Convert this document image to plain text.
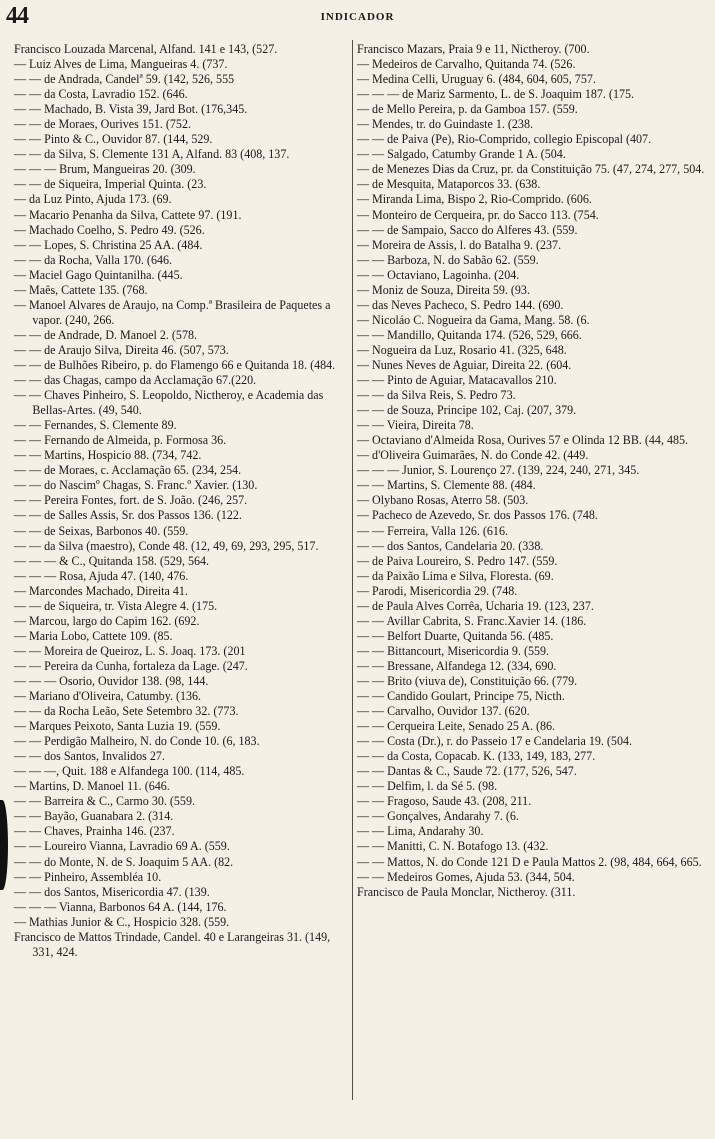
44	INDICADOR
Francisco Louzada Marcenal, Alfand. 141 e 143, (527.
— Luiz Alves de Lima, Mangueiras 4. (737.
— — de Andrada, Candelª 59. (142, 526, 555
— — da Costa, Lavradio 152. (646.
— — Machado, B. Vista 39, Jard Bot. (176,345.
— — de Moraes, Ourives 151. (752.
— — Pinto & C., Ouvidor 87. (144, 529.
— — da Silva, S. Clemente 131 A, Alfand. 83 (408, 137.
— — — Brum, Mangueiras 20. (309.
— — de Siqueira, Imperial Quinta. (23.
— da Luz Pinto, Ajuda 173. (69.
— Macario Penanha da Silva, Cattete 97. (191.
— Machado Coelho, S. Pedro 49. (526.
— — Lopes, S. Christina 25 AA. (484.
— — da Rocha, Valla 170. (646.
— Maciel Gago Quintanilha. (445.
— Maês, Cattete 135. (768.
— Manoel Alvares de Araujo, na Comp.ª Brasileira de Paquetes a vapor. (240, 266.
— — de Andrade, D. Manoel 2. (578.
— — de Araujo Silva, Direita 46. (507, 573.
— — de Bulhões Ribeiro, p. do Flamengo 66 e Quitanda 18. (484.
— — das Chagas, campo da Acclamação 67.(220.
— — Chaves Pinheiro, S. Leopoldo, Nictheroy, e Academia das Bellas-Artes. (49, 540.
— — Fernandes, S. Clemente 89.
— — Fernando de Almeida, p. Formosa 36.
— — Martins, Hospicio 88. (734, 742.
— — de Moraes, c. Acclamação 65. (234, 254.
— — do Nascimº Chagas, S. Franc.º Xavier. (130.
— — Pereira Fontes, fort. de S. João. (246, 257.
— — de Salles Assis, Sr. dos Passos 136. (122.
— — de Seixas, Barbonos 40. (559.
— — da Silva (maestro), Conde 48. (12, 49, 69, 293, 295, 517.
— — — & C., Quitanda 158. (529, 564.
— — — Rosa, Ajuda 47. (140, 476.
— Marcondes Machado, Direita 41.
— — de Siqueira, tr. Vista Alegre 4. (175.
— Marcou, largo do Capim 162. (692.
— Maria Lobo, Cattete 109. (85.
— — Moreira de Queiroz, L. S. Joaq. 173. (201
— — Pereira da Cunha, fortaleza da Lage. (247.
— — — Osorio, Ouvidor 138. (98, 144.
— Mariano d'Oliveira, Catumby. (136.
— — da Rocha Leão, Sete Setembro 32. (773.
— Marques Peixoto, Santa Luzia 19. (559.
— — Perdigão Malheiro, N. do Conde 10. (6, 183.
— — dos Santos, Invalidos 27.
— — —, Quit. 188 e Alfandega 100. (114, 485.
— Martins, D. Manoel 11. (646.
— — Barreira & C., Carmo 30. (559.
— — Bayão, Guanabara 2. (314.
— — Chaves, Prainha 146. (237.
— — Loureiro Vianna, Lavradio 69 A. (559.
— — do Monte, N. de S. Joaquim 5 AA. (82.
— — Pinheiro, Assembléa 10.
— — dos Santos, Misericordia 47. (139.
— — — Vianna, Barbonos 64 A. (144, 176.
— Mathias Junior & C., Hospicio 328. (559.
Francisco de Mattos Trindade, Candel. 40 e Larangeiras 31. (149, 331, 424.
Francisco Mazars, Praia 9 e 11, Nictheroy. (700.
— Medeiros de Carvalho, Quitanda 74. (526.
— Medina Celli, Uruguay 6. (484, 604, 605, 757.
— — — de Mariz Sarmento, L. de S. Joaquim 187. (175.
— de Mello Pereira, p. da Gamboa 157. (559.
— Mendes, tr. do Guindaste 1. (238.
— — de Paiva (Pe), Rio-Comprido, collegio Episcopal (407.
— — Salgado, Catumby Grande 1 A. (504.
— de Menezes Dias da Cruz, pr. da Constituição 75. (47, 274, 277, 504.
— de Mesquita, Mataporcos 33. (638.
— Miranda Lima, Bispo 2, Rio-Comprido. (606.
— Monteiro de Cerqueira, pr. do Sacco 113. (754.
— — de Sampaio, Sacco do Alferes 43. (559.
— Moreira de Assis, l. do Batalha 9. (237.
— — Barboza, N. do Sabão 62. (559.
— — Octaviano, Lagoinha. (204.
— Moniz de Souza, Direita 59. (93.
— das Neves Pacheco, S. Pedro 144. (690.
— Nicoláo C. Nogueira da Gama, Mang. 58. (6.
— — Mandillo, Quitanda 174. (526, 529, 666.
— Nogueira da Luz, Rosario 41. (325, 648.
— Nunes Neves de Aguiar, Direita 22. (604.
— — Pinto de Aguiar, Matacavallos 210.
— — da Silva Reis, S. Pedro 73.
— — de Souza, Principe 102, Caj. (207, 379.
— — Vieira, Direita 78.
— Octaviano d'Almeida Rosa, Ourives 57 e Olinda 12 BB. (44, 485.
— d'Oliveira Guimarães, N. do Conde 42. (449.
— — — Junior, S. Lourenço 27. (139, 224, 240, 271, 345.
— — Martins, S. Clemente 88. (484.
— Olybano Rosas, Aterro 58. (503.
— Pacheco de Azevedo, Sr. dos Passos 176. (748.
— — Ferreira, Valla 126. (616.
— — dos Santos, Candelaria 20. (338.
— de Paiva Loureiro, S. Pedro 147. (559.
— da Paixão Lima e Silva, Floresta. (69.
— Parodi, Misericordia 29. (748.
— de Paula Alves Corrêa, Ucharia 19. (123, 237.
— — Avillar Cabrita, S. Franc.Xavier 14. (186.
— — Belfort Duarte, Quitanda 56. (485.
— — Bittancourt, Misericordia 9. (559.
— — Bressane, Alfandega 12. (334, 690.
— — Brito (viuva de), Constituição 66. (779.
— — Candido Goulart, Principe 75, Nicth.
— — Carvalho, Ouvidor 137. (620.
— — Cerqueira Leite, Senado 25 A. (86.
— — Costa (Dr.), r. do Passeio 17 e Candelaria 19. (504.
— — da Costa, Copacab. K. (133, 149, 183, 277.
— — Dantas & C., Saude 72. (177, 526, 547.
— — Delfim, l. da Sé 5. (98.
— — Fragoso, Saude 43. (208, 211.
— — Gonçalves, Andarahy 7. (6.
— — Lima, Andarahy 30.
— — Manitti, C. N. Botafogo 13. (432.
— — Mattos, N. do Conde 121 D e Paula Mattos 2. (98, 484, 664, 665.
— — Medeiros Gomes, Ajuda 53. (344, 504.
Francisco de Paula Monclar, Nictheroy. (311.
